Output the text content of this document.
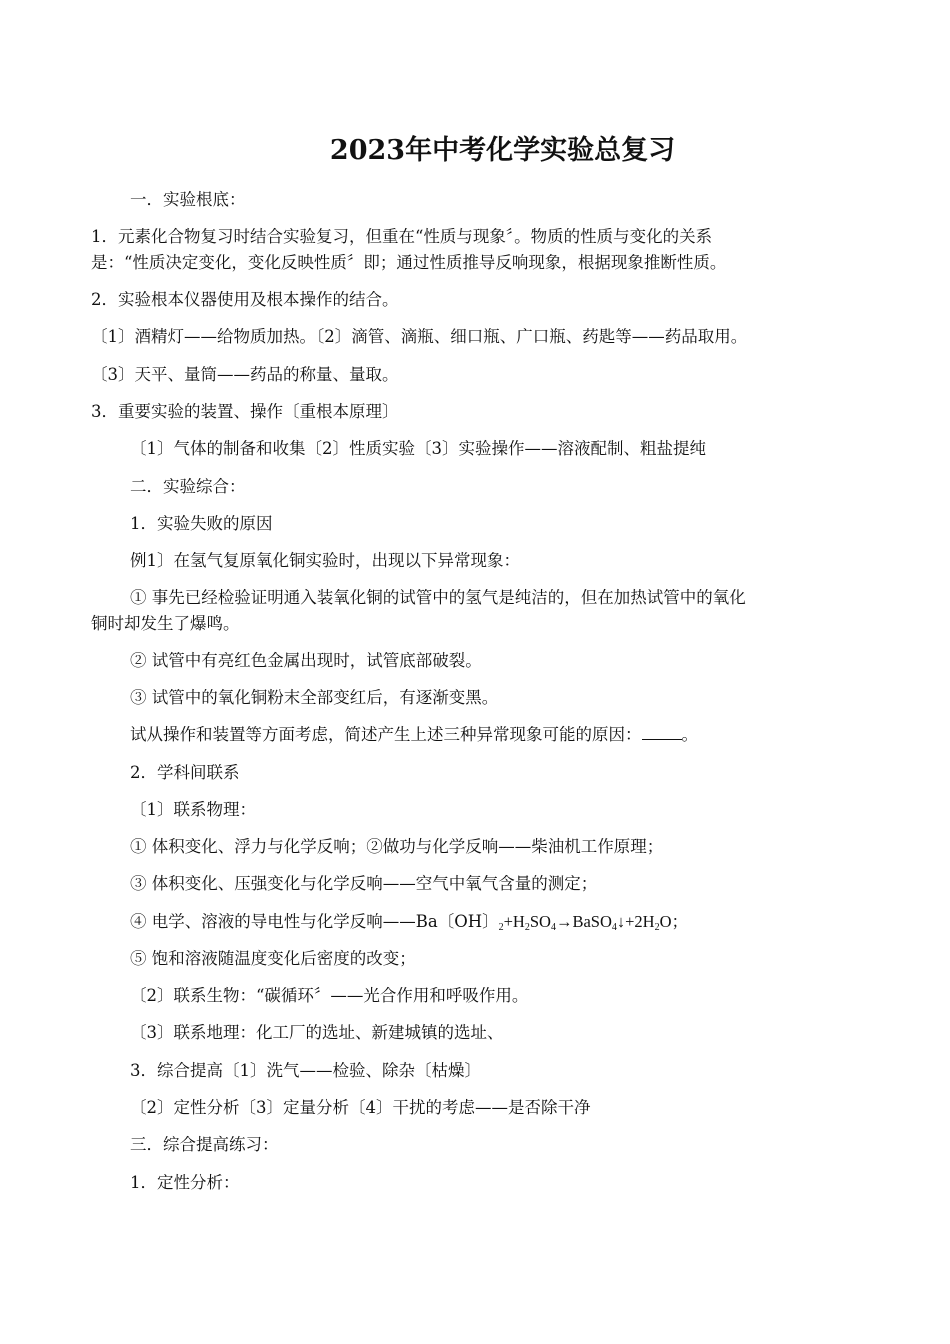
2023年中考化学实验总复习
一．实验根底：
1．元素化合物复习时结合实验复习，但重在“性质与现象〞。物质的性质与变化的关系
是：“性质决定变化，变化反映性质〞即；通过性质推导反响现象，根据现象推断性质。
2．实验根本仪器使用及根本操作的结合。
〔1〕酒精灯——给物质加热。〔2〕滴管、滴瓶、细口瓶、广口瓶、药匙等——药品取用。
〔3〕天平、量筒——药品的称量、量取。
3．重要实验的装置、操作〔重根本原理〕
〔1〕气体的制备和收集〔2〕性质实验〔3〕实验操作——溶液配制、粗盐提纯
二．实验综合：
1．实验失败的原因
例1〕在氢气复原氧化铜实验时，出现以下异常现象：
① 事先已经检验证明通入装氧化铜的试管中的氢气是纯洁的，但在加热试管中的氧化
铜时却发生了爆鸣。
② 试管中有亮红色金属出现时，试管底部破裂。
③ 试管中的氧化铜粉末全部变红后，有逐渐变黑。
试从操作和装置等方面考虑，简述产生上述三种异常现象可能的原因： 。
2．学科间联系
〔1〕联系物理：
① 体积变化、浮力与化学反响；②做功与化学反响——柴油机工作原理；
③ 体积变化、压强变化与化学反响——空气中氧气含量的测定；
④ 电学、溶液的导电性与化学反响——Ba〔OH〕$_2+H_2SO_4\to BaSO_4↓+2H_2O$；
⑤ 饱和溶液随温度变化后密度的改变；
〔2〕联系生物：“碳循环〞——光合作用和呼吸作用。
〔3〕联系地理：化工厂的选址、新建城镇的选址、
3．综合提高〔1〕洗气——检验、除杂〔枯燥〕
〔2〕定性分析〔3〕定量分析〔4〕干扰的考虑——是否除干净
三．综合提高练习：
1．定性分析：
